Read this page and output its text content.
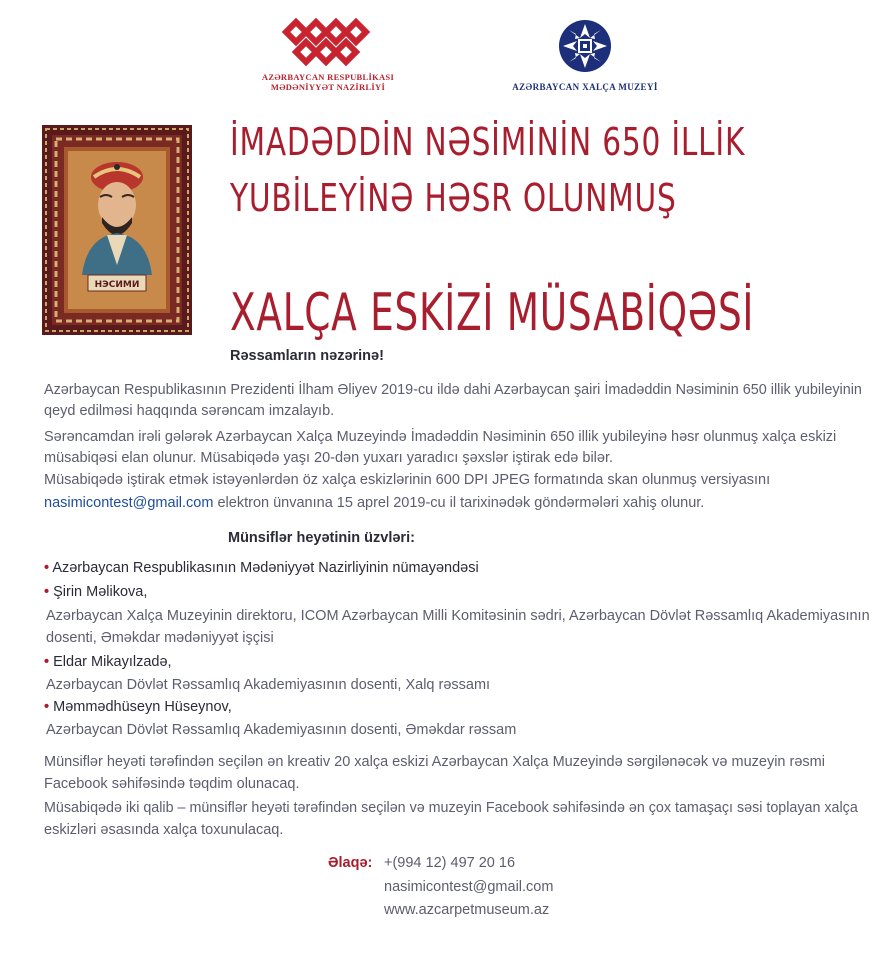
AZƏRBAYCAN RESPUBLİKASI
MƏDƏNİYYƏT NAZİRLİYİ	AZƏRBAYCAN XALÇA MUZEYİ
НЭСИМИ
İMADƏDDİN NƏSİMİNİN 650 İLLİK
YUBİLEYİNƏ HƏSR OLUNMUŞ
XALÇA ESKİZİ MÜSABİQƏSİ
Rəssamların nəzərinə!
Azərbaycan Respublikasının Prezidenti İlham Əliyev 2019-cu ildə dahi Azərbaycan şairi İmadəddin Nəsiminin 650 illik yubileyinin
qeyd edilməsi haqqında sərəncam imzalayıb.
Sərəncamdan irəli gələrək Azərbaycan Xalça Muzeyində İmadəddin Nəsiminin 650 illik yubileyinə həsr olunmuş xalça eskizi
müsabiqəsi elan olunur. Müsabiqədə yaşı 20-dən yuxarı yaradıcı şəxslər iştirak edə bilər.
Müsabiqədə iştirak etmək istəyənlərdən öz xalça eskizlərinin 600 DPI JPEG formatında skan olunmuş versiyasını
nasimicontest@gmail.com elektron ünvanına 15 aprel 2019-cu il tarixinədək göndərmələri xahiş olunur.
Münsiflər heyətinin üzvləri:
• Azərbaycan Respublikasının Mədəniyyət Nazirliyinin nümayəndəsi
• Şirin Məlikova,
Azərbaycan Xalça Muzeyinin direktoru, ICOM Azərbaycan Milli Komitəsinin sədri, Azərbaycan Dövlət Rəssamlıq Akademiyasının
dosenti, Əməkdar mədəniyyət işçisi
• Eldar Mikayılzadə,
Azərbaycan Dövlət Rəssamlıq Akademiyasının dosenti, Xalq rəssamı
• Məmmədhüseyn Hüseynov,
Azərbaycan Dövlət Rəssamlıq Akademiyasının dosenti, Əməkdar rəssam
Münsiflər heyəti tərəfindən seçilən ən kreativ 20 xalça eskizi Azərbaycan Xalça Muzeyində sərgilənəcək və muzeyin rəsmi
Facebook səhifəsində təqdim olunacaq.
Müsabiqədə iki qalib – münsiflər heyəti tərəfindən seçilən və muzeyin Facebook səhifəsində ən çox tamaşaçı səsi toplayan xalça
eskizləri əsasında xalça toxunulacaq.
Əlaqə: +(994 12) 497 20 16
nasimicontest@gmail.com
www.azcarpetmuseum.az
